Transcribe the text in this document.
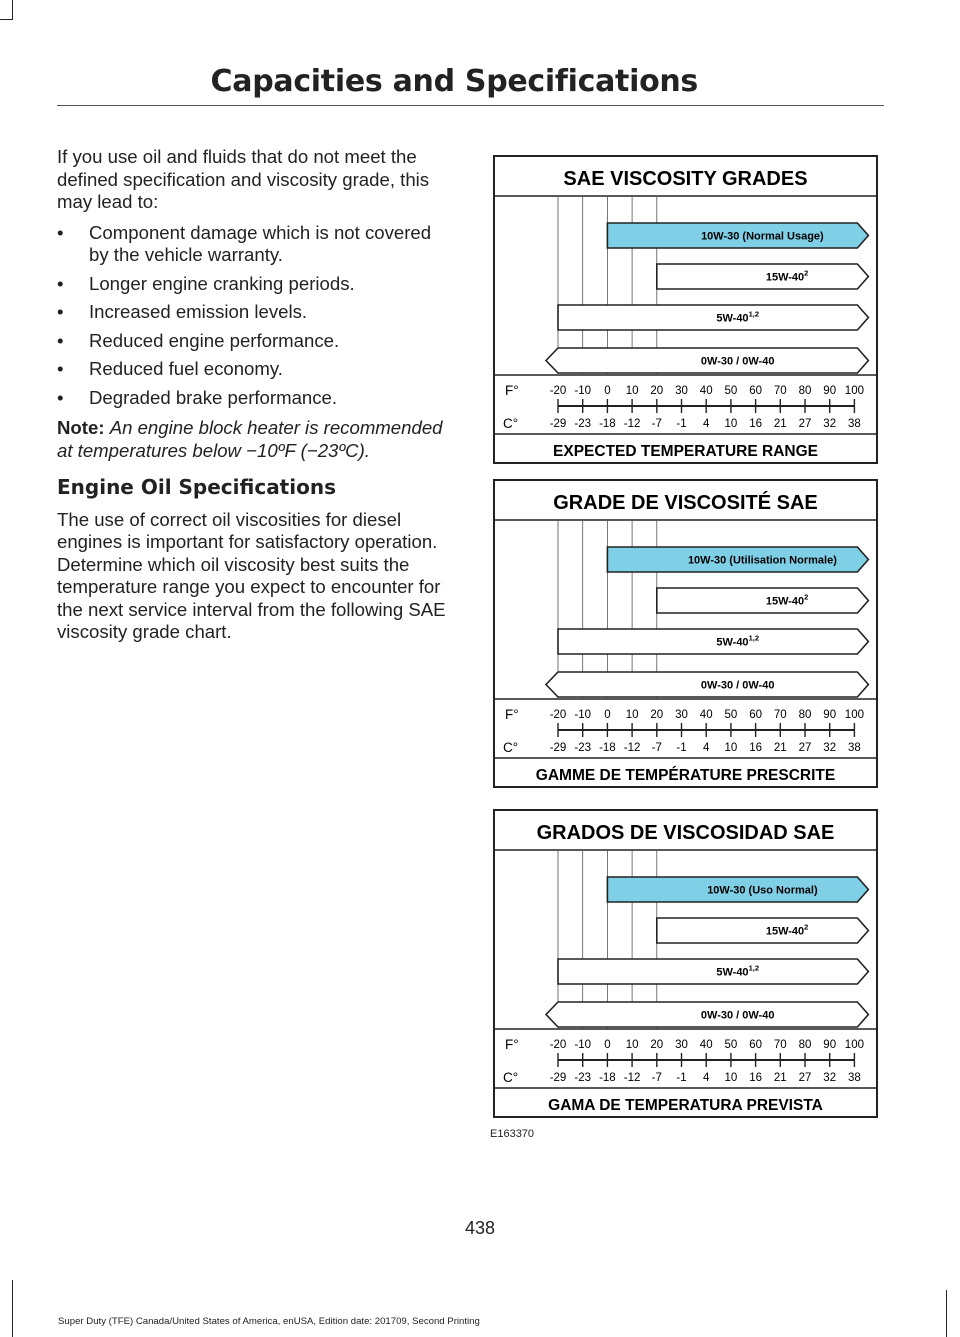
Capacities and Specifications

If you use oil and fluids that do not meet the defined specification and viscosity grade, this may lead to:

• Component damage which is not covered by the vehicle warranty.
• Longer engine cranking periods.
• Increased emission levels.
• Reduced engine performance.
• Reduced fuel economy.
• Degraded brake performance.

Note: An engine block heater is recommended at temperatures below −10ºF (−23ºC).

Engine Oil Specifications

The use of correct oil viscosities for diesel engines is important for satisfactory operation. Determine which oil viscosity best suits the temperature range you expect to encounter for the next service interval from the following SAE viscosity grade chart.

SAE VISCOSITY GRADES
EXPECTED TEMPERATURE RANGE
10W-30 (Normal Usage)
$15W-40^2$
5W-40$^{1,2}$
0W-30 / 0W-40
F°
C°
-20
-29
-10
-23
0
-18
10
-12
20
-7
30
-1
40
4
50
10
60
16
70
21
80
27
90
32
100
38
GRADE DE VISCOSITÉ SAE
GAMME DE TEMPÉRATURE PRESCRITE
10W-30 (Utilisation Normale)
$15W-40^2$
5W-40$^{1,2}$
0W-30 / 0W-40
F°
C°
-20
-29
-10
-23
0
-18
10
-12
20
-7
30
-1
40
4
50
10
60
16
70
21
80
27
90
32
100
38
GRADOS DE VISCOSIDAD SAE
GAMA DE TEMPERATURA PREVISTA
10W-30 (Uso Normal)
$15W-40^2$
5W-40$^{1,2}$
0W-30 / 0W-40
F°
C°
-20
-29
-10
-23
0
-18
10
-12
20
-7
30
-1
40
4
50
10
60
16
70
21
80
27
90
32
100
38
E163370
438
Super Duty (TFE) Canada/United States of America, enUSA, Edition date: 201709, Second Printing
